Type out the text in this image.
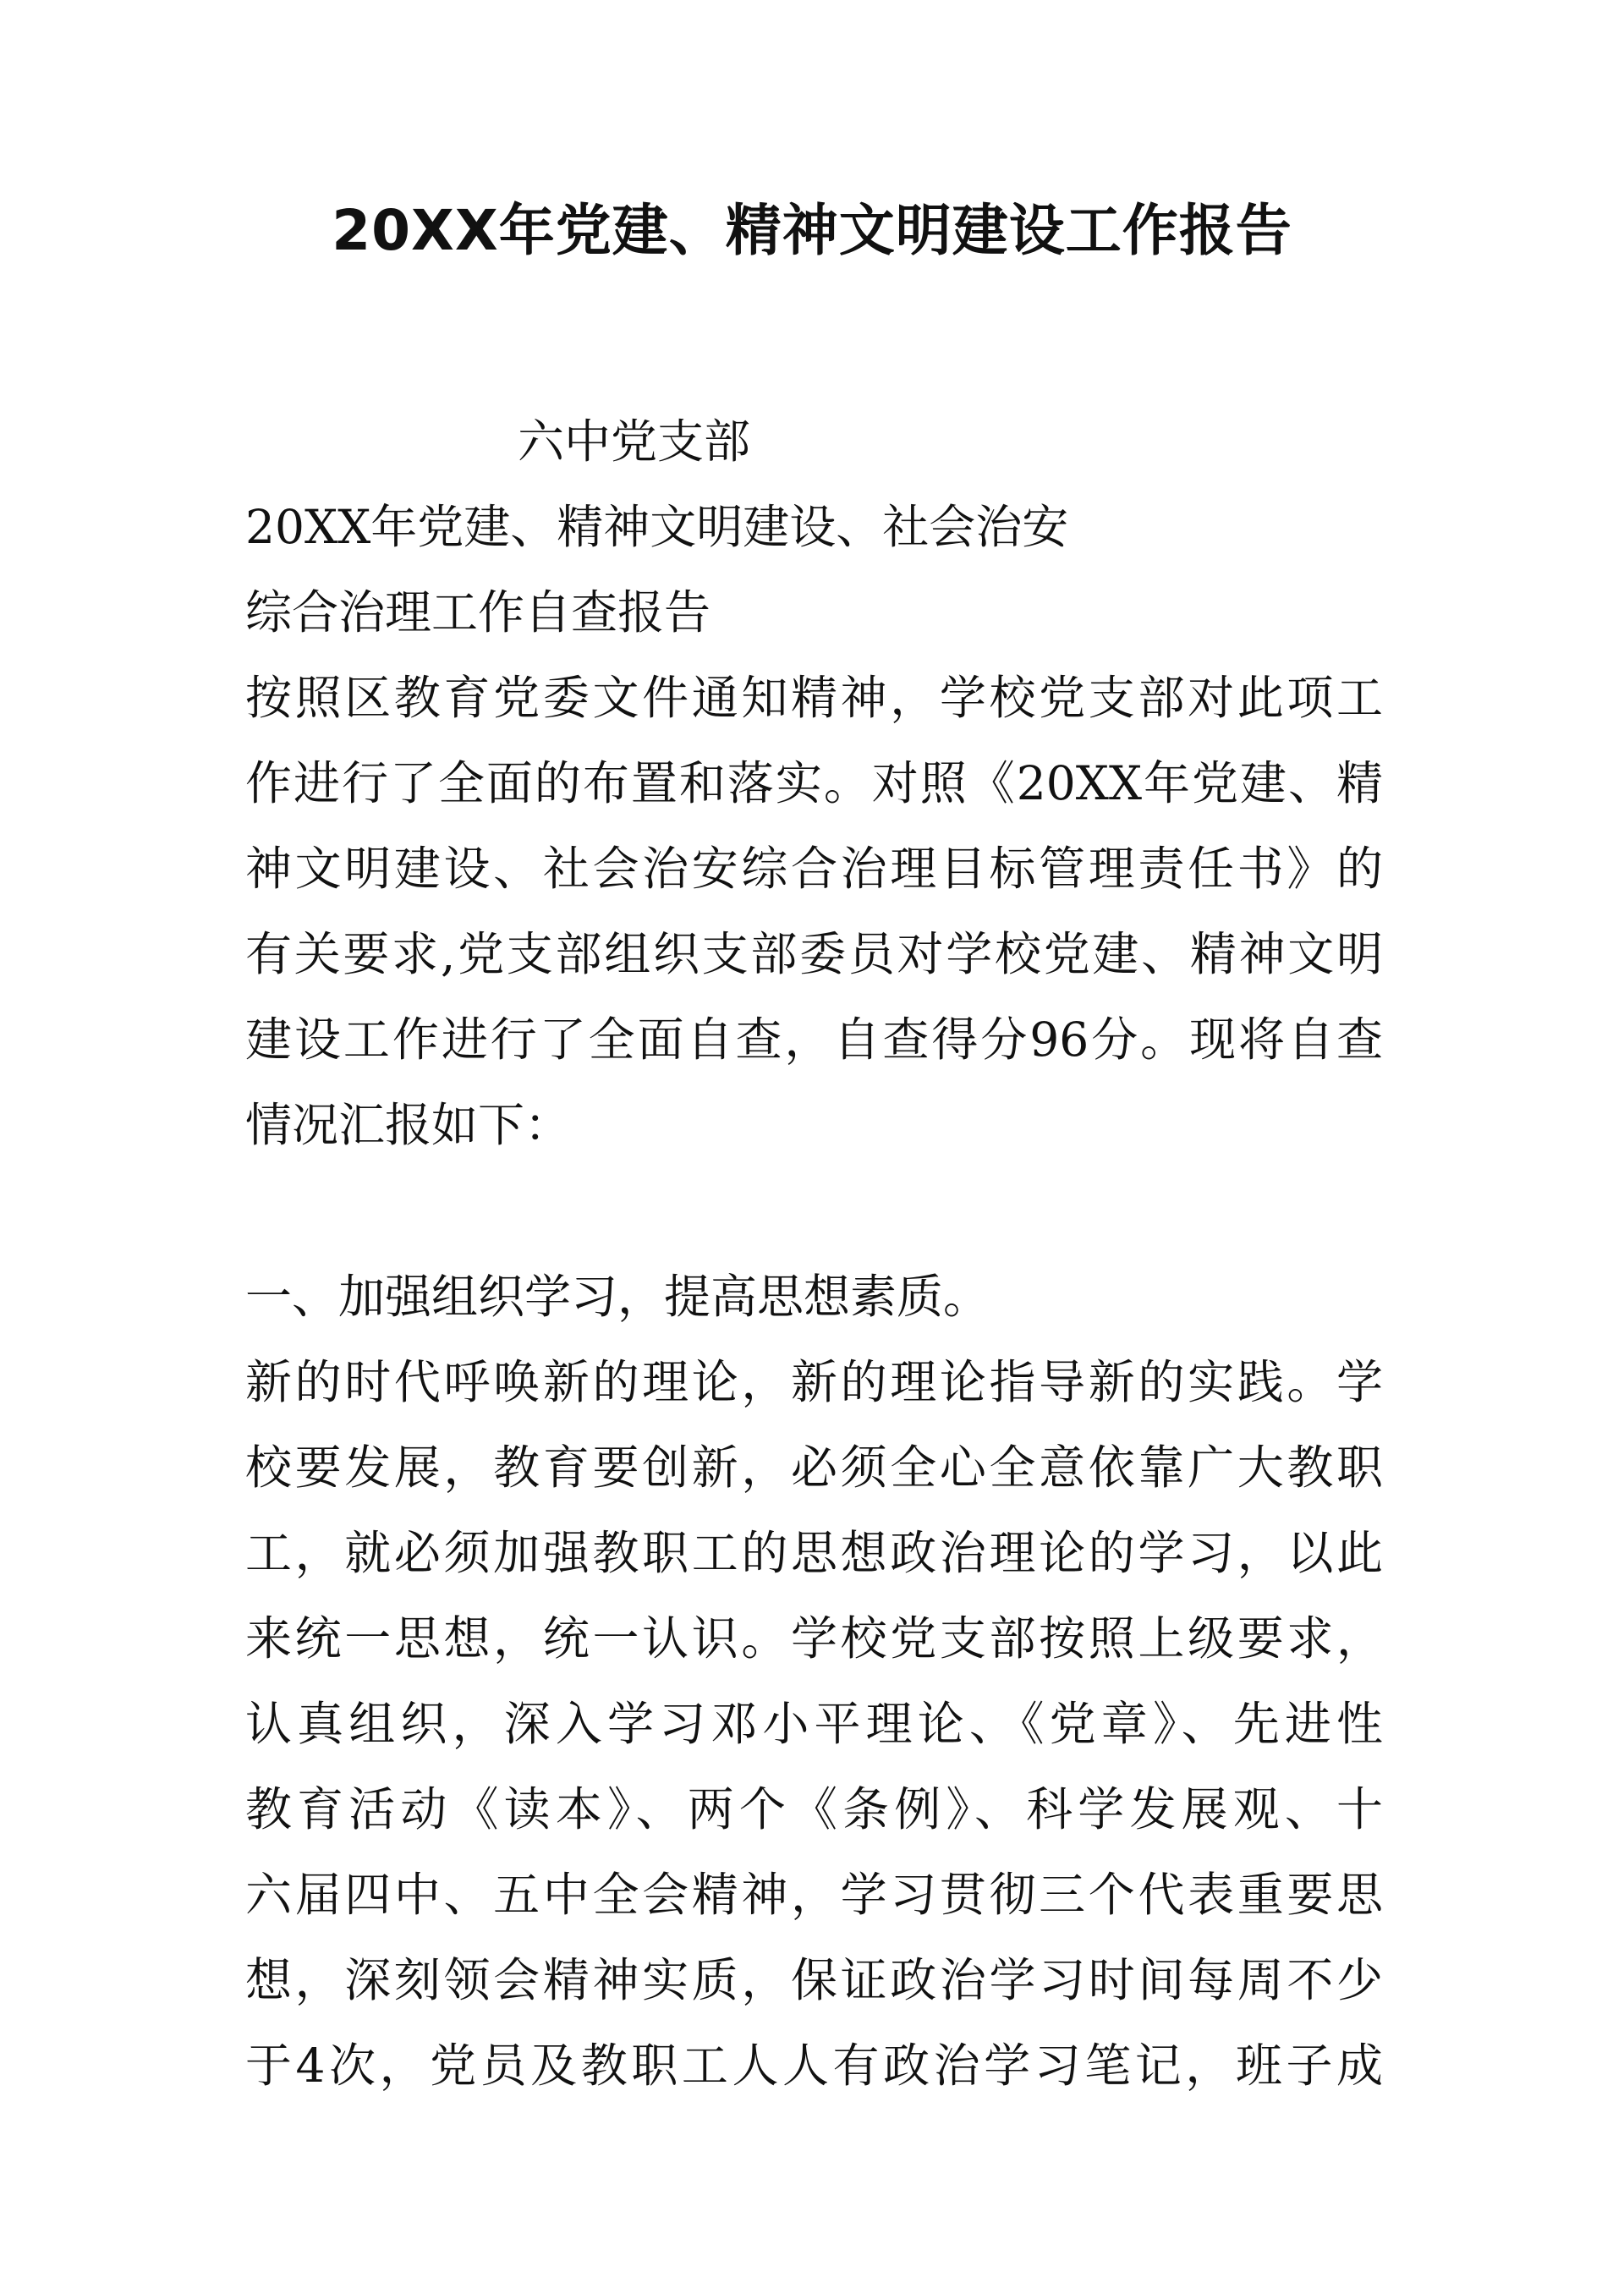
20XX年党建、精神文明建设工作报告
六中党支部
20XX年党建、精神文明建设、社会治安
综合治理工作自查报告
按照区教育党委文件通知精神，学校党支部对此项工
作进行了全面的布置和落实。对照《20XX年党建、精
神文明建设、社会治安综合治理目标管理责任书》的
有关要求,党支部组织支部委员对学校党建、精神文明
建设工作进行了全面自查，自查得分96分。现将自查
情况汇报如下：
一、加强组织学习，提高思想素质。
新的时代呼唤新的理论，新的理论指导新的实践。学
校要发展，教育要创新，必须全心全意依靠广大教职
工，就必须加强教职工的思想政治理论的学习，以此
来统一思想，统一认识。学校党支部按照上级要求，
认真组织，深入学习邓小平理论、《党章》、先进性
教育活动《读本》、两个《条例》、科学发展观、十
六届四中、五中全会精神，学习贯彻三个代表重要思
想，深刻领会精神实质，保证政治学习时间每周不少
于4次，党员及教职工人人有政治学习笔记，班子成
